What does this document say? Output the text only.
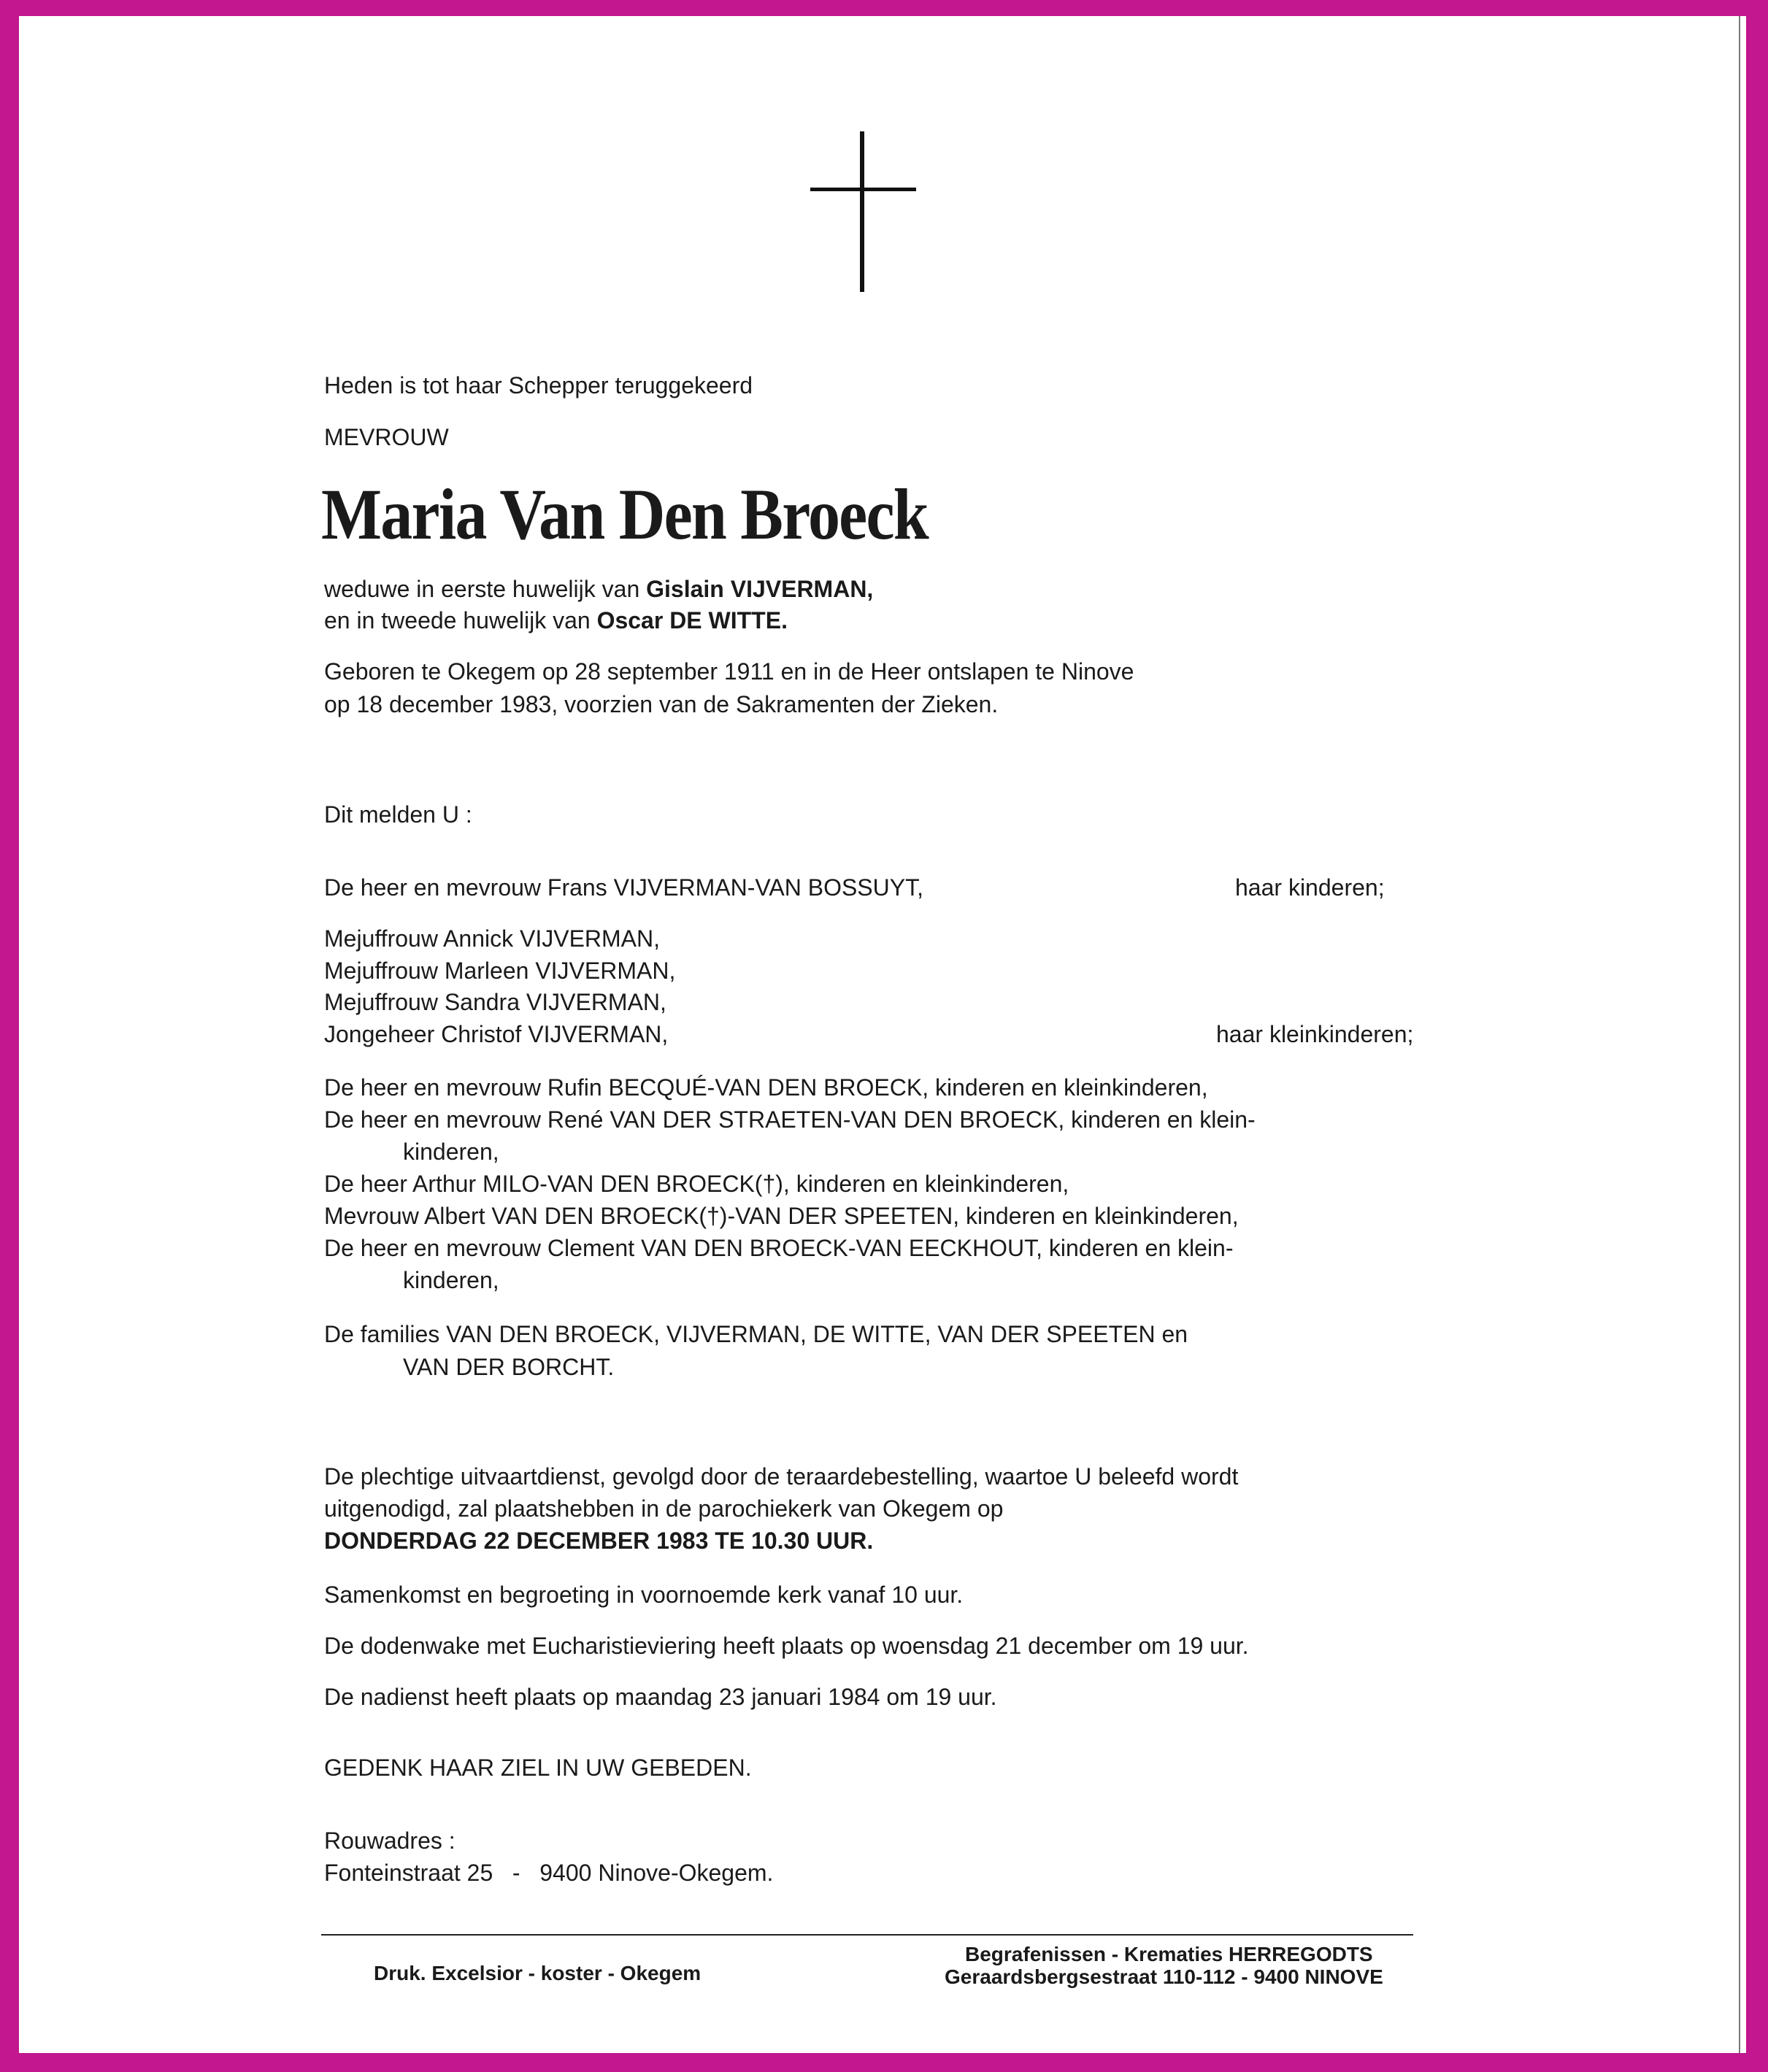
Heden is tot haar Schepper teruggekeerd
MEVROUW
Maria Van Den Broeck
weduwe in eerste huwelijk van Gislain VIJVERMAN,
en in tweede huwelijk van Oscar DE WITTE.
Geboren te Okegem op 28 september 1911 en in de Heer ontslapen te Ninove
op 18 december 1983, voorzien van de Sakramenten der Zieken.
Dit melden U :
De heer en mevrouw Frans VIJVERMAN-VAN BOSSUYT,	haar kinderen;
Mejuffrouw Annick VIJVERMAN,
Mejuffrouw Marleen VIJVERMAN,
Mejuffrouw Sandra VIJVERMAN,
Jongeheer Christof VIJVERMAN,	haar kleinkinderen;
De heer en mevrouw Rufin BECQUÉ-VAN DEN BROECK, kinderen en kleinkinderen,
De heer en mevrouw René VAN DER STRAETEN-VAN DEN BROECK, kinderen en klein-
kinderen,
De heer Arthur MILO-VAN DEN BROECK(†), kinderen en kleinkinderen,
Mevrouw Albert VAN DEN BROECK(†)-VAN DER SPEETEN, kinderen en kleinkinderen,
De heer en mevrouw Clement VAN DEN BROECK-VAN EECKHOUT, kinderen en klein-
kinderen,
De families VAN DEN BROECK, VIJVERMAN, DE WITTE, VAN DER SPEETEN en
VAN DER BORCHT.
De plechtige uitvaartdienst, gevolgd door de teraardebestelling, waartoe U beleefd wordt
uitgenodigd, zal plaatshebben in de parochiekerk van Okegem op
DONDERDAG 22 DECEMBER 1983 TE 10.30 UUR.
Samenkomst en begroeting in voornoemde kerk vanaf 10 uur.
De dodenwake met Eucharistieviering heeft plaats op woensdag 21 december om 19 uur.
De nadienst heeft plaats op maandag 23 januari 1984 om 19 uur.
GEDENK HAAR ZIEL IN UW GEBEDEN.
Rouwadres :
Fonteinstraat 25   -   9400 Ninove-Okegem.
Druk. Excelsior - koster - Okegem
Begrafenissen - Krematies HERREGODTS
Geraardsbergsestraat 110-112 - 9400 NINOVE
